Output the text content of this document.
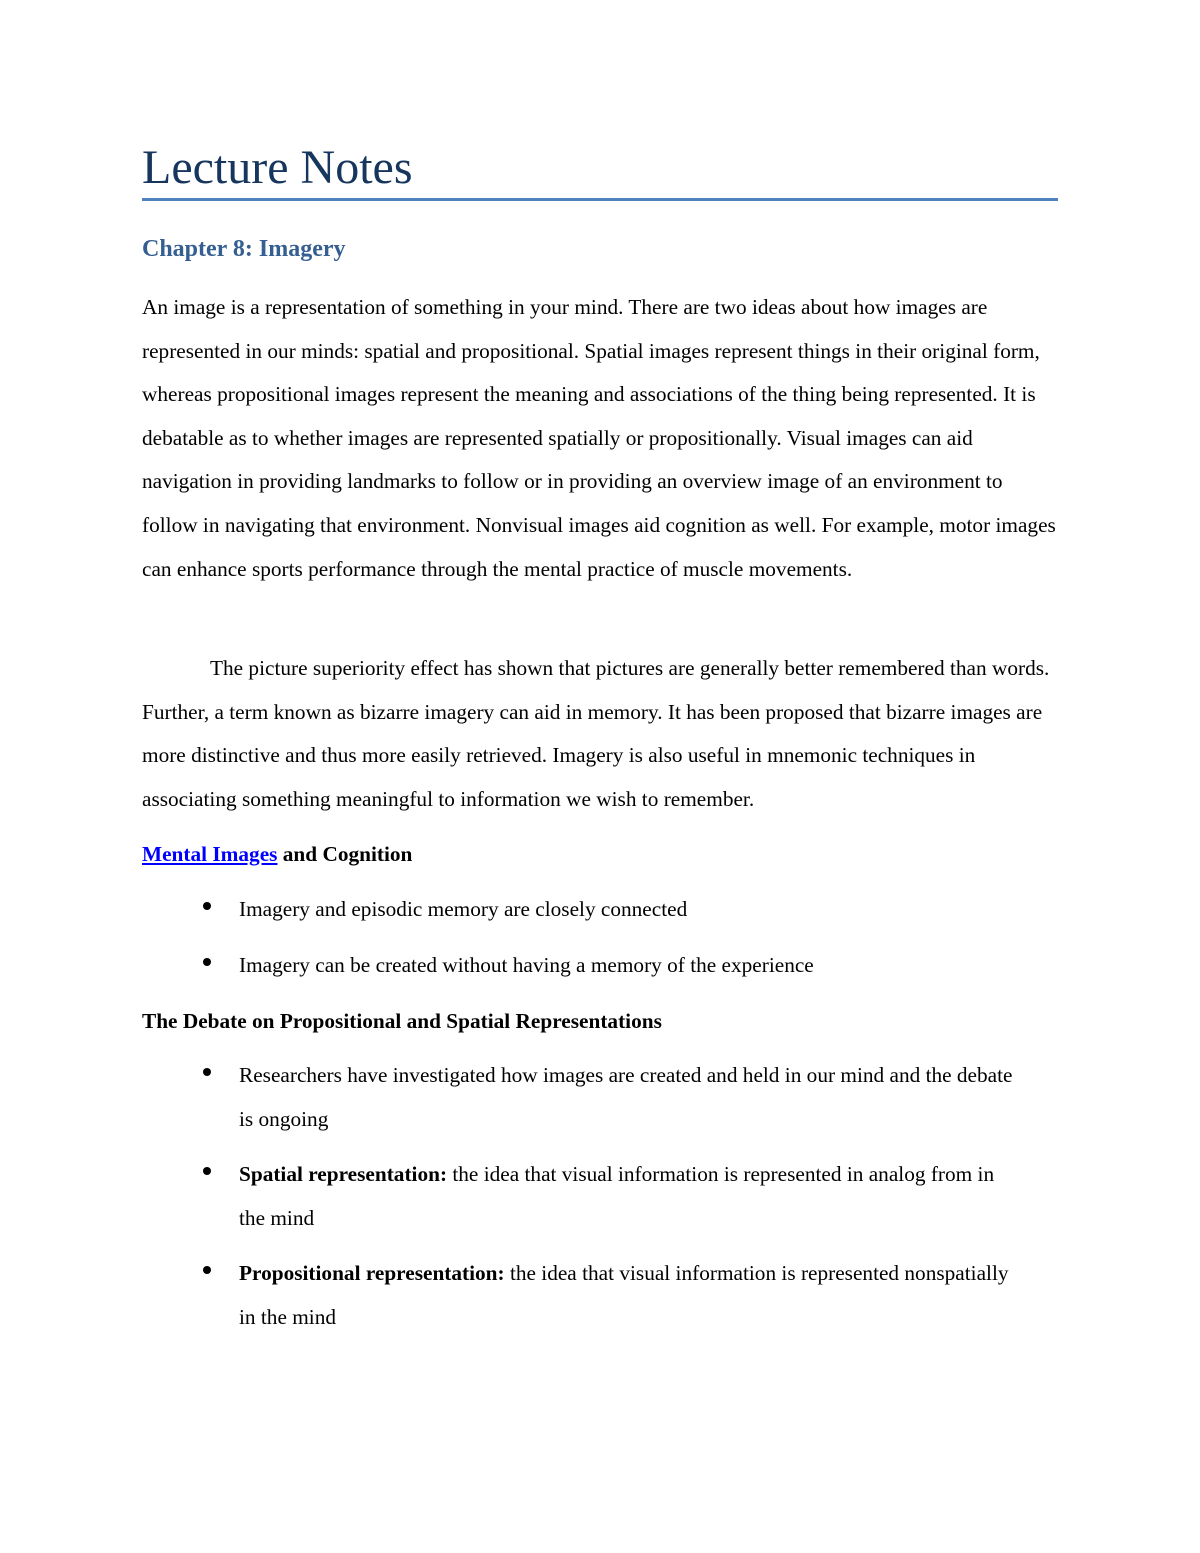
Lecture Notes
Chapter 8: Imagery

An image is a representation of something in your mind. There are two ideas about how images are represented in our minds: spatial and propositional. Spatial images represent things in their original form, whereas propositional images represent the meaning and associations of the thing being represented. It is debatable as to whether images are represented spatially or propositionally. Visual images can aid navigation in providing landmarks to follow or in providing an overview image of an environment to follow in navigating that environment. Nonvisual images aid cognition as well. For example, motor images can enhance sports performance through the mental practice of muscle movements.

The picture superiority effect has shown that pictures are generally better remembered than words. Further, a term known as bizarre imagery can aid in memory. It has been proposed that bizarre images are more distinctive and thus more easily retrieved. Imagery is also useful in mnemonic techniques in associating something meaningful to information we wish to remember.

Mental Images and Cognition
Imagery and episodic memory are closely connected
Imagery can be created without having a memory of the experience
The Debate on Propositional and Spatial Representations
Researchers have investigated how images are created and held in our mind and the debate is ongoing
Spatial representation: the idea that visual information is represented in analog from in the mind
Propositional representation: the idea that visual information is represented nonspatially in the mind
